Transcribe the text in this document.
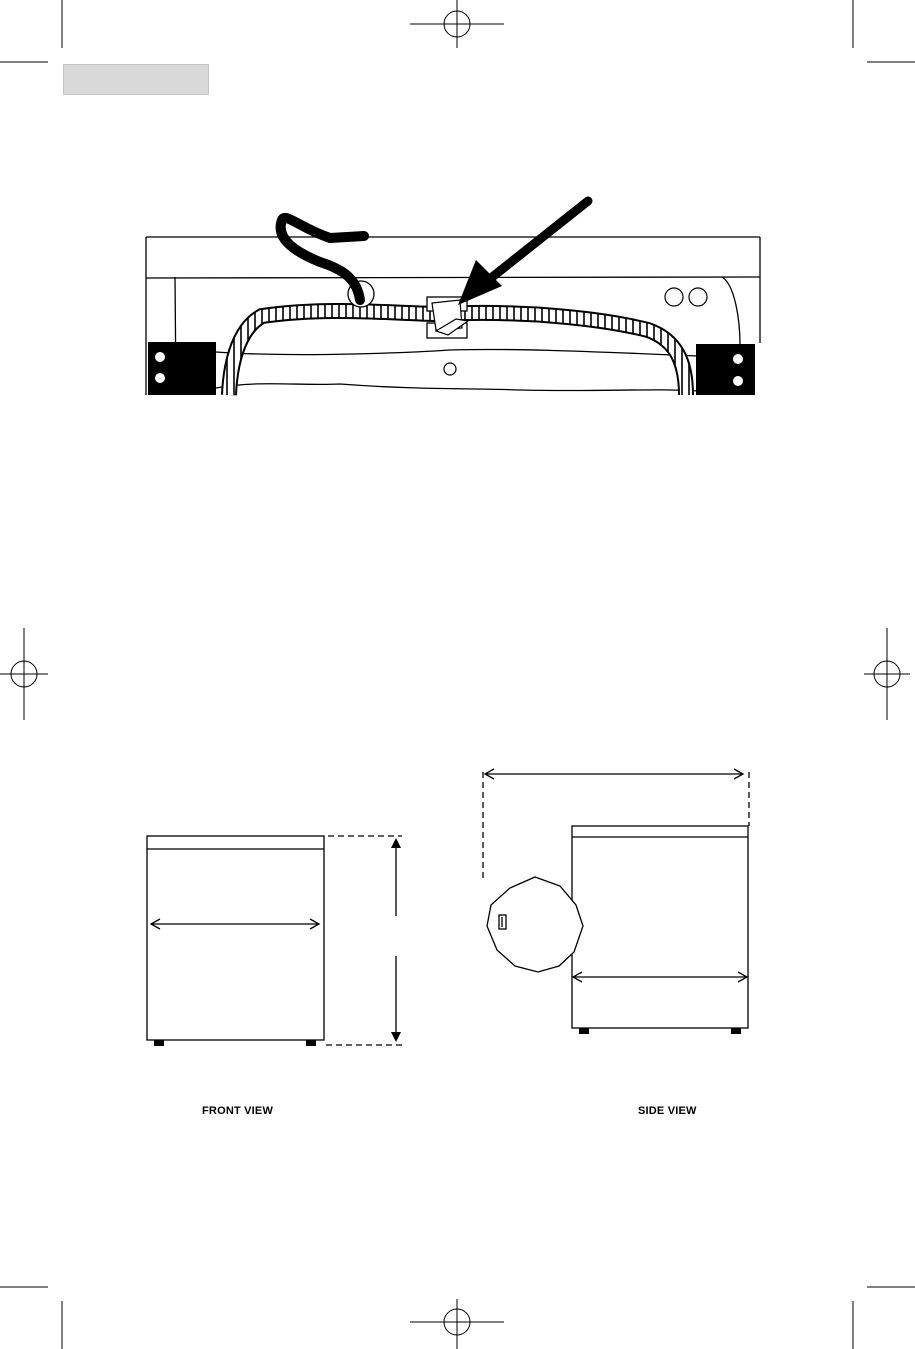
FRONT VIEW	SIDE VIEW
